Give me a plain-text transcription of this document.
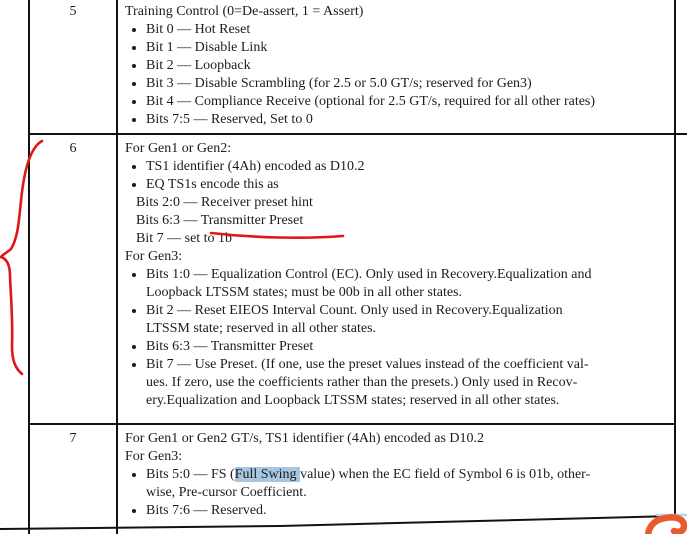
5	Training Control (0=De-assert, 1 = Assert)
Bit 0 — Hot Reset
Bit 1 — Disable Link
Bit 2 — Loopback
Bit 3 — Disable Scrambling (for 2.5 or 5.0 GT/s; reserved for Gen3)
Bit 4 — Compliance Receive (optional for 2.5 GT/s, required for all other rates)
Bits 7:5 — Reserved, Set to 0
6	For Gen1 or Gen2:
TS1 identifier (4Ah) encoded as D10.2
EQ TS1s encode this as
Bits 2:0 — Receiver preset hint
Bits 6:3 — Transmitter Preset
Bit 7 — set to 1b
For Gen3:
Bits 1:0 — Equalization Control (EC). Only used in Recovery.Equalization and
Loopback LTSSM states; must be 00b in all other states.
Bit 2 — Reset EIEOS Interval Count. Only used in Recovery.Equalization
LTSSM state; reserved in all other states.
Bits 6:3 — Transmitter Preset
Bit 7 — Use Preset. (If one, use the preset values instead of the coefficient val-
ues. If zero, use the coefficients rather than the presets.) Only used in Recov-
ery.Equalization and Loopback LTSSM states; reserved in all other states.
7	For Gen1 or Gen2 GT/s, TS1 identifier (4Ah) encoded as D10.2
For Gen3:
Bits 5:0 — FS (Full Swing value) when the EC field of Symbol 6 is 01b, other-
wise, Pre-cursor Coefficient.
Bits 7:6 — Reserved.
